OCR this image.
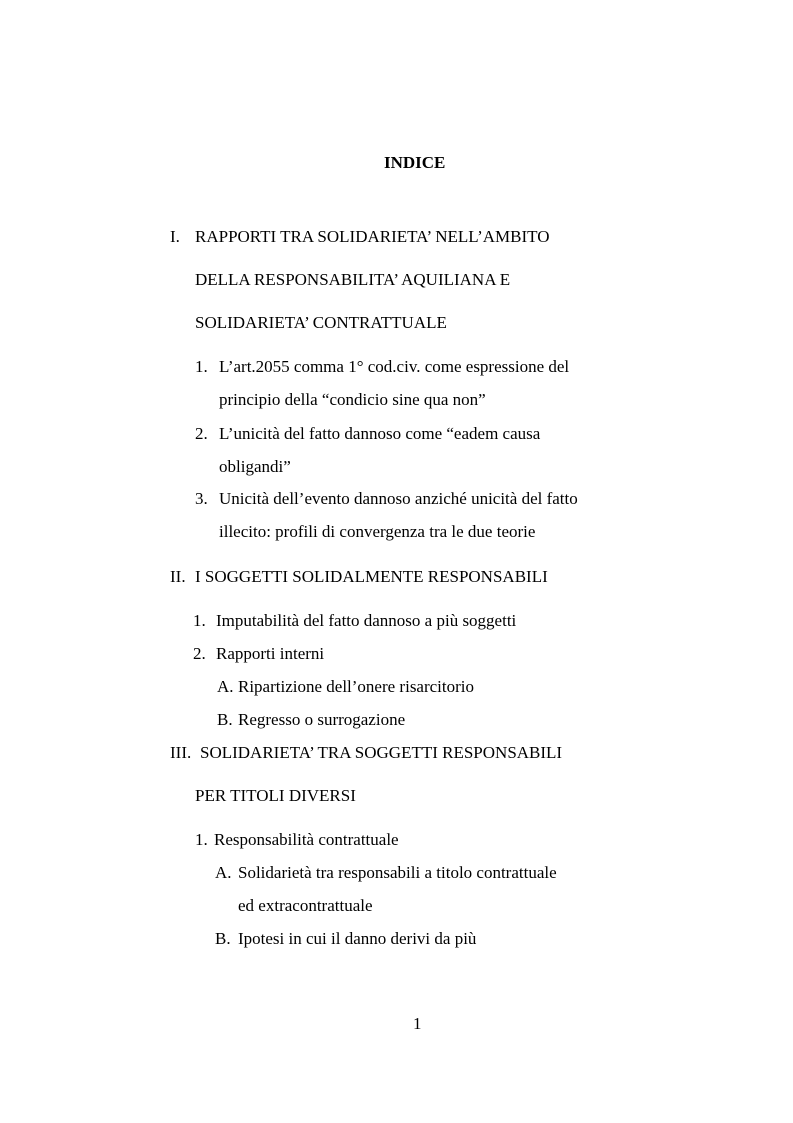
INDICE
I. RAPPORTI TRA SOLIDARIETA’ NELL’AMBITO
DELLA RESPONSABILITA’ AQUILIANA E
SOLIDARIETA’ CONTRATTUALE
1. L’art.2055 comma 1° cod.civ. come espressione del
principio della “condicio sine qua non”
2. L’unicità del fatto dannoso come “eadem causa
obligandi”
3. Unicità dell’evento dannoso anziché unicità del fatto
illecito: profili di convergenza tra le due teorie
II. I SOGGETTI SOLIDALMENTE RESPONSABILI
1. Imputabilità del fatto dannoso a più soggetti
2. Rapporti interni
A. Ripartizione dell’onere risarcitorio
B. Regresso o surrogazione
III. SOLIDARIETA’ TRA SOGGETTI RESPONSABILI
PER TITOLI DIVERSI
1. Responsabilità contrattuale
A. Solidarietà tra responsabili a titolo contrattuale
ed extracontrattuale
B. Ipotesi in cui il danno derivi da più
1
